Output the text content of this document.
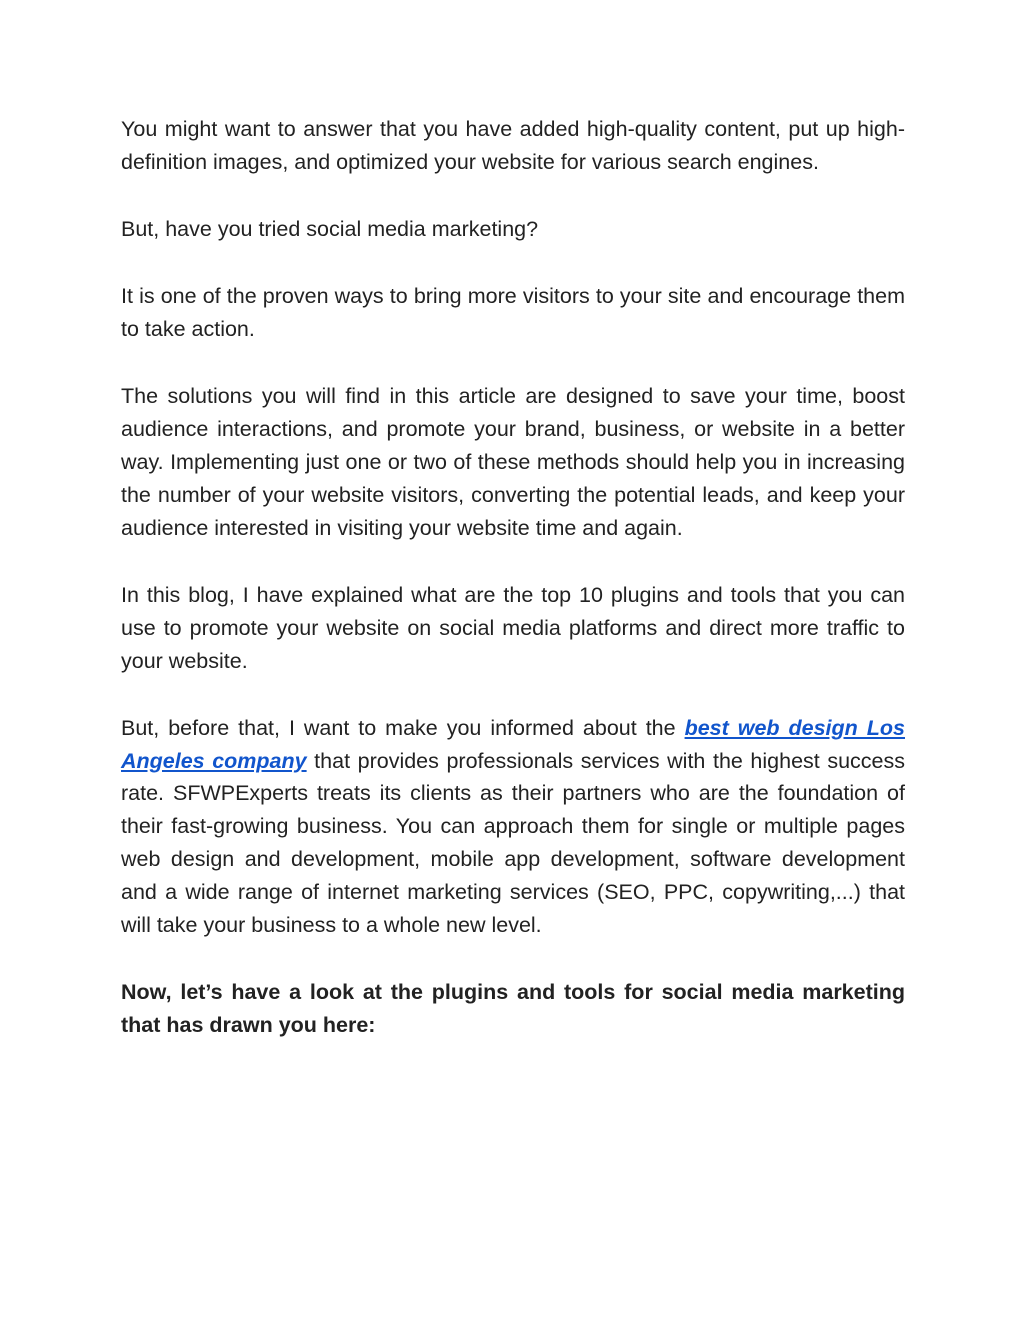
You might want to answer that you have added high-quality content, put up high-definition images, and optimized your website for various search engines.

But, have you tried social media marketing?

It is one of the proven ways to bring more visitors to your site and encourage them to take action.

The solutions you will find in this article are designed to save your time, boost audience interactions, and promote your brand, business, or website in a better way. Implementing just one or two of these methods should help you in increasing the number of your website visitors, converting the potential leads, and keep your audience interested in visiting your website time and again.

In this blog, I have explained what are the top 10 plugins and tools that you can use to promote your website on social media platforms and direct more traffic to your website.

But, before that, I want to make you informed about the best web design Los Angeles company that provides professionals services with the highest success rate. SFWPExperts treats its clients as their partners who are the foundation of their fast-growing business. You can approach them for single or multiple pages web design and development, mobile app development, software development and a wide range of internet marketing services (SEO, PPC, copywriting,...) that will take your business to a whole new level.

Now, let’s have a look at the plugins and tools for social media marketing that has drawn you here:
